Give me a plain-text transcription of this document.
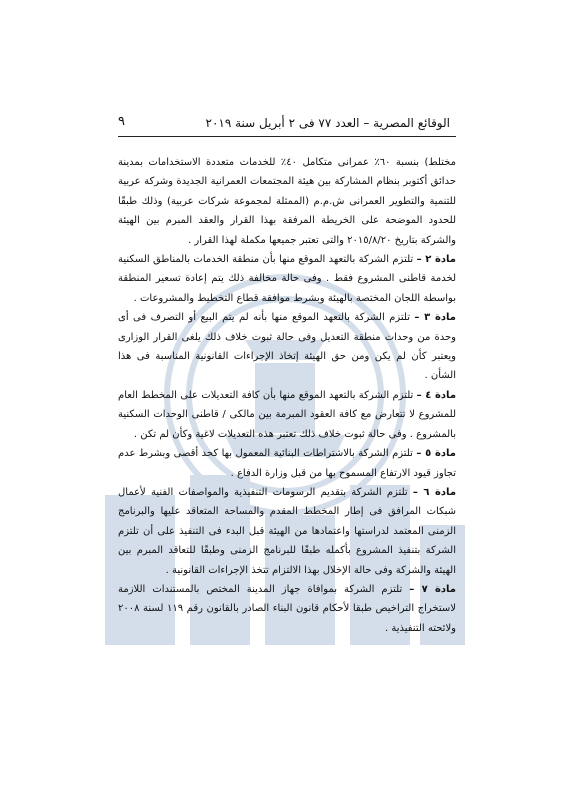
الوقائع المصرية – العدد ٧٧ فى ٢ أبريل سنة ٢٠١٩
٩

مختلط) بنسبة ٦٠٪ عمرانى متكامل ٤٠٪ للخدمات متعددة الاستخدامات بمدينة حدائق أكتوبر بنظام المشاركة بين هيئة المجتمعات العمرانية الجديدة وشركة عربية للتنمية والتطوير العمرانى ش.م.م (الممثلة لمجموعة شركات عربية) وذلك طبقًا للحدود الموضحة على الخريطة المرفقة بهذا القرار والعقد المبرم بين الهيئة والشركة بتاريخ ٢٠١٥/٨/٢٠ والتى تعتبر جميعها مكملة لهذا القرار .

مادة ٢ – تلتزم الشركة بالتعهد الموقع منها بأن منطقة الخدمات بالمناطق السكنية لخدمة قاطنى المشروع فقط . وفى حالة مخالفة ذلك يتم إعادة تسعير المنطقة بواسطة اللجان المختصة بالهيئة وبشرط موافقة قطاع التخطيط والمشروعات .

مادة ٣ – تلتزم الشركة بالتعهد الموقع منها بأنه لم يتم البيع أو التصرف فى أى وحدة من وحدات منطقة التعديل وفى حالة ثبوت خلاف ذلك يلغى القرار الوزارى ويعتبر كأن لم يكن ومن حق الهيئة إتخاذ الإجراءات القانونية المناسبة فى هذا الشأن .

مادة ٤ – تلتزم الشركة بالتعهد الموقع منها بأن كافة التعديلات على المخطط العام للمشروع لا تتعارض مع كافة العقود المبرمة بين مالكى / قاطنى الوحدات السكنية بالمشروع . وفى حالة ثبوت خلاف ذلك تعتبر هذه التعديلات لاغية وكأن لم تكن .

مادة ٥ – تلتزم الشركة بالاشتراطات البنائية المعمول بها كحد أقصى وبشرط عدم تجاوز قيود الارتفاع المسموح بها من قبل وزارة الدفاع .

مادة ٦ – تلتزم الشركة بتقديم الرسومات التنفيذية والمواصفات الفنية لأعمال شبكات المرافق فى إطار المخطط المقدم والمساحة المتعاقد عليها والبرنامج الزمنى المعتمد لدراستها واعتمادها من الهيئة قبل البدء فى التنفيذ على أن تلتزم الشركة بتنفيذ المشروع بأكمله طبقًا للبرنامج الزمنى وطبقًا للتعاقد المبرم بين الهيئة والشركة وفى حالة الإخلال بهذا الالتزام تتخذ الإجراءات القانونية .

مادة ٧ – تلتزم الشركة بموافاة جهاز المدينة المختص بالمستندات اللازمة لاستخراج التراخيص طبقا لأحكام قانون البناء الصادر بالقانون رقم ١١٩ لسنة ٢٠٠٨ ولائحته التنفيذية .
